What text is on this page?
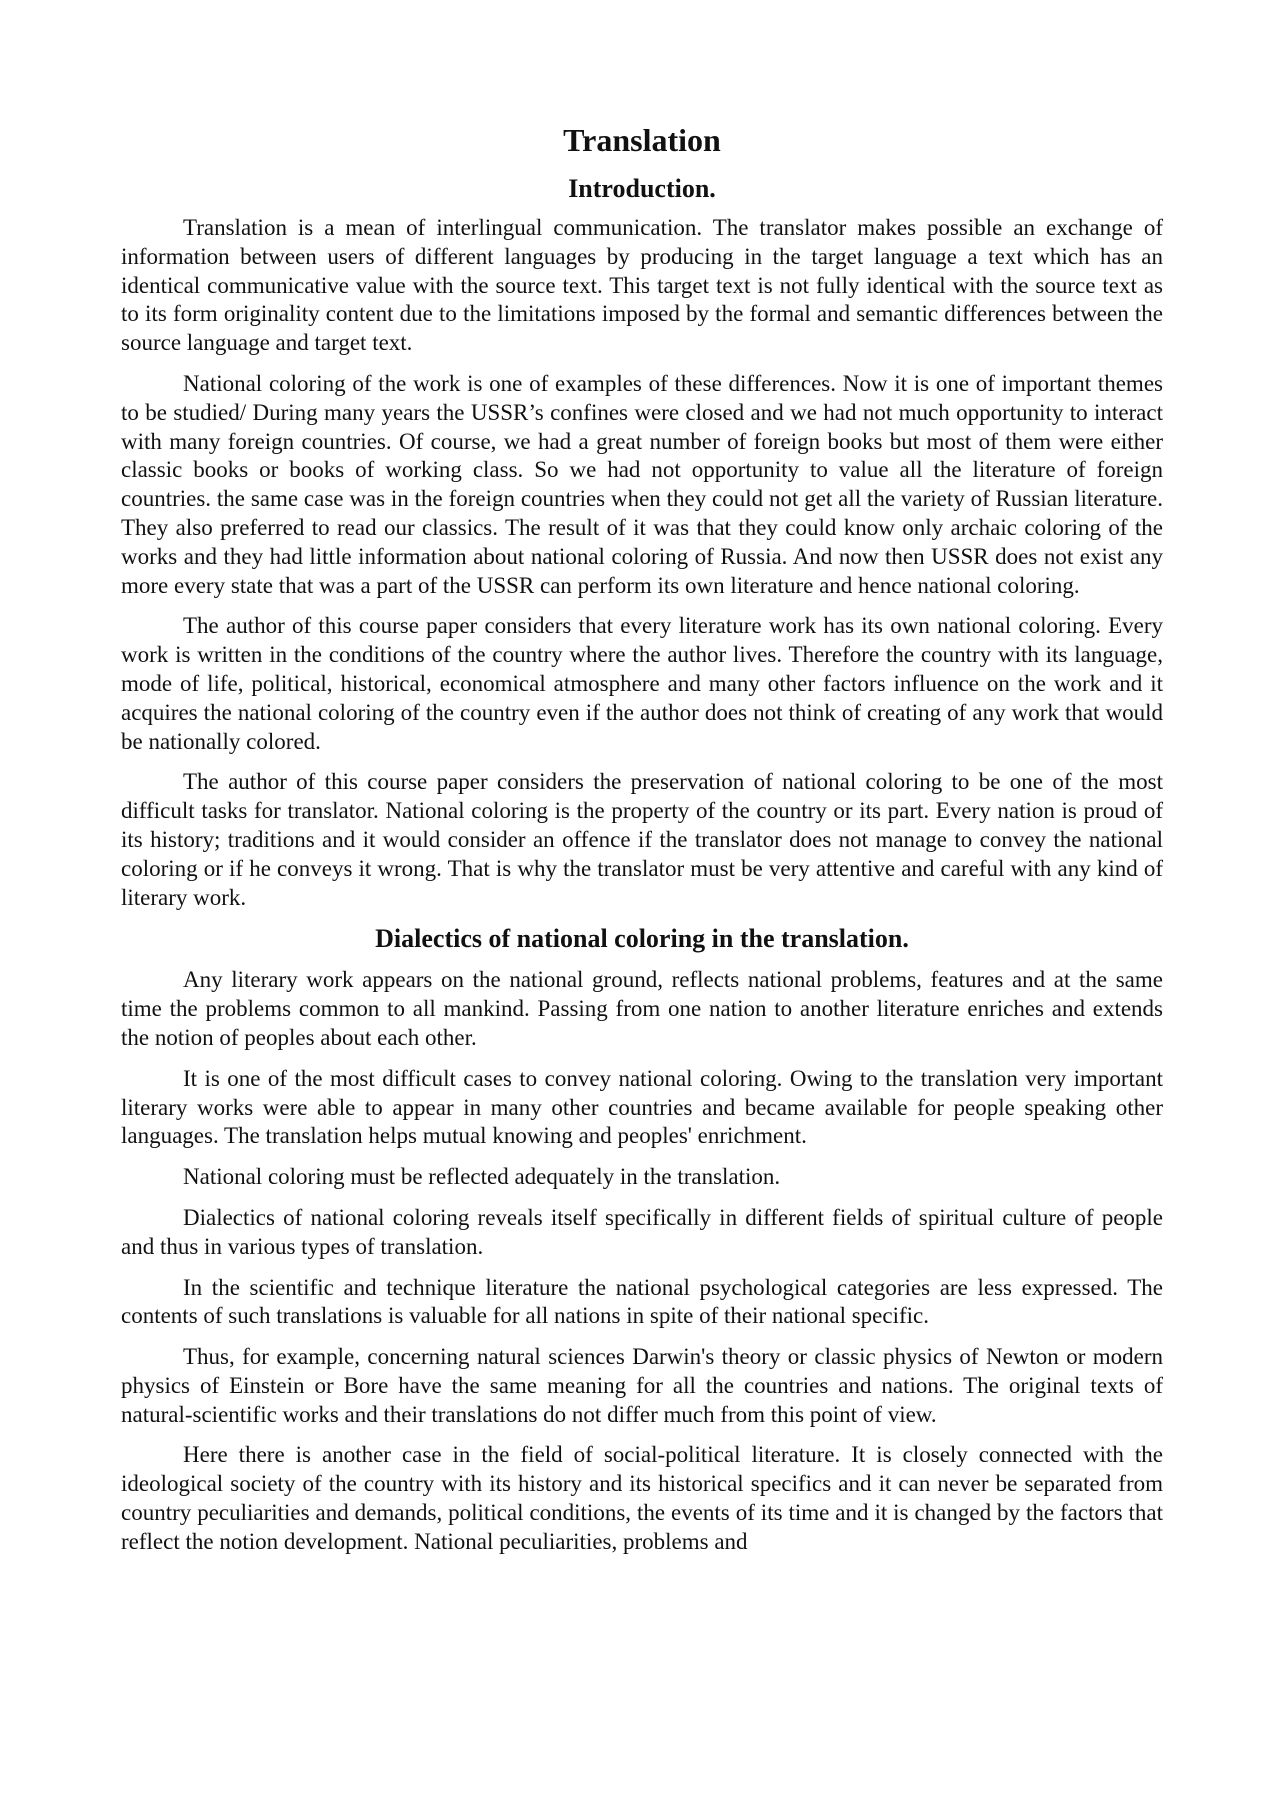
Translation
Introduction.

Translation is a mean of interlingual communication. The translator makes possible an exchange of information between users of different languages by producing in the target language a text which has an identical communicative value with the source text. This target text is not fully identical with the source text as to its form originality content due to the limitations imposed by the formal and semantic differences between the source language and target text.

National coloring of the work is one of examples of these differences. Now it is one of important themes to be studied/ During many years the USSR’s confines were closed and we had not much opportunity to interact with many foreign countries. Of course, we had a great number of foreign books but most of them were either classic books or books of working class. So we had not opportunity to value all the literature of foreign countries. the same case was in the foreign countries when they could not get all the variety of Russian literature. They also preferred to read our classics. The result of it was that they could know only archaic coloring of the works and they had little information about national coloring of Russia. And now then USSR does not exist any more every state that was a part of the USSR can perform its own literature and hence national coloring.

The author of this course paper considers that every literature work has its own national coloring. Every work is written in the conditions of the country where the author lives. Therefore the country with its language, mode of life, political, historical, economical atmosphere and many other factors influence on the work and it acquires the national coloring of the country even if the author does not think of creating of any work that would be nationally colored.

The author of this course paper considers the preservation of national coloring to be one of the most difficult tasks for translator. National coloring is the property of the country or its part. Every nation is proud of its history; traditions and it would consider an offence if the translator does not manage to convey the national coloring or if he conveys it wrong. That is why the translator must be very attentive and careful with any kind of literary work.

Dialectics of national coloring in the translation.

Any literary work appears on the national ground, reflects national problems, features and at the same time the problems common to all mankind. Passing from one nation to another literature enriches and extends the notion of peoples about each other.

It is one of the most difficult cases to convey national coloring. Owing to the translation very important literary works were able to appear in many other countries and became available for people speaking other languages. The translation helps mutual knowing and peoples' enrichment.

National coloring must be reflected adequately in the translation.

Dialectics of national coloring reveals itself specifically in different fields of spiritual culture of people and thus in various types of translation.

In the scientific and technique literature the national psychological categories are less expressed. The contents of such translations is valuable for all nations in spite of their national specific.

Thus, for example, concerning natural sciences Darwin's theory or classic physics of Newton or modern physics of Einstein or Bore have the same meaning for all the countries and nations. The original texts of natural-scientific works and their translations do not differ much from this point of view.

Here there is another case in the field of social-political literature. It is closely connected with the ideological society of the country with its history and its historical specifics and it can never be separated from country peculiarities and demands, political conditions, the events of its time and it is changed by the factors that reflect the notion development. National peculiarities, problems and
